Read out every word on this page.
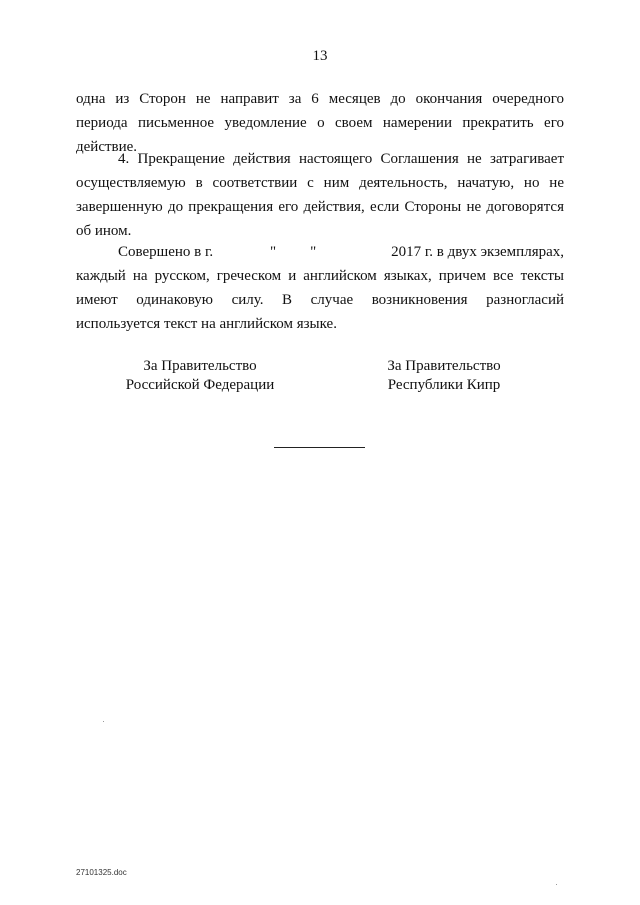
13
одна из Сторон не направит за 6 месяцев до окончания очередного
периода письменное уведомление о своем намерении прекратить его
действие.
4. Прекращение действия настоящего Соглашения не затрагивает
осуществляемую в соответствии с ним деятельность, начатую, но не
завершенную до прекращения его действия, если Стороны не договорятся
об ином.
Совершено в г.	" "	2017 г. в двух экземплярах,
каждый на русском, греческом и английском языках, причем все тексты
имеют одинаковую силу. В случае возникновения разногласий
используется текст на английском языке.
За Правительство
Российской Федерации
За Правительство
Республики Кипр
27101325.doc
